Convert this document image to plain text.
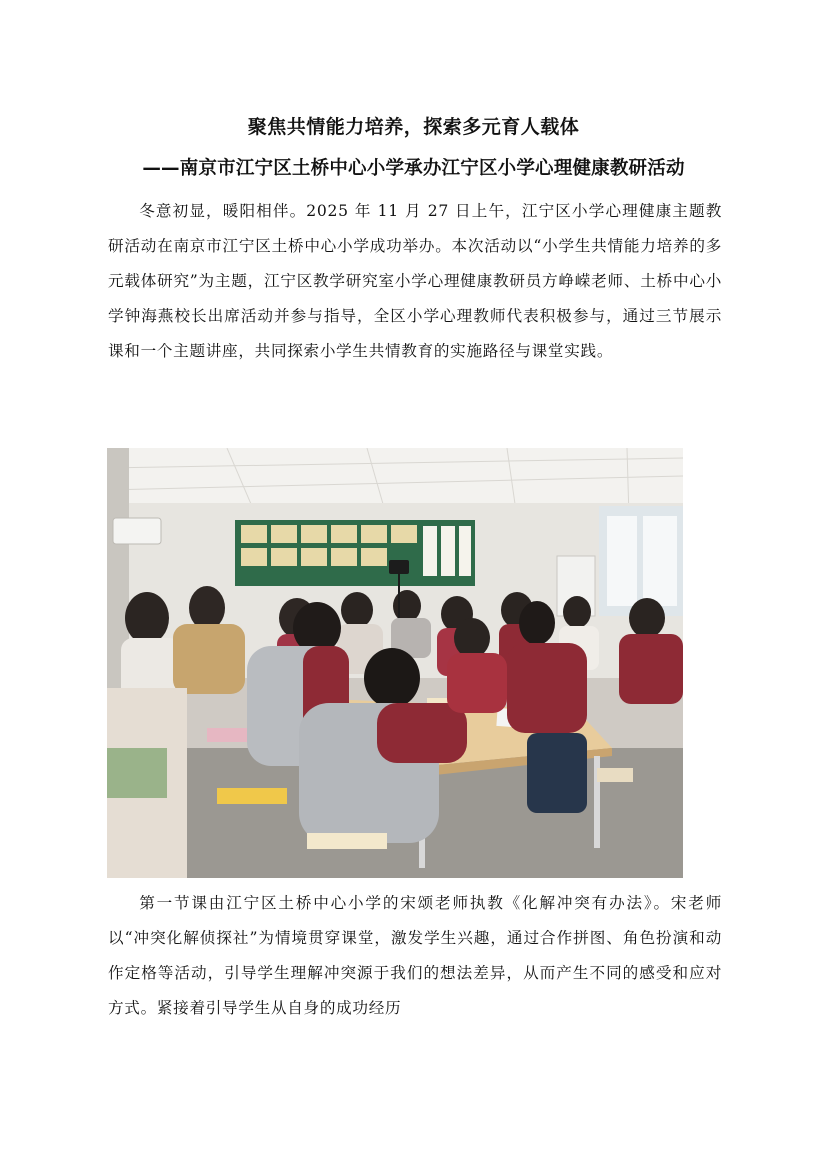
聚焦共情能力培养，探索多元育人载体
——南京市江宁区土桥中心小学承办江宁区小学心理健康教研活动
冬意初显，暖阳相伴。2025 年 11 月 27 日上午，江宁区小学心理健康主题教研活动在南京市江宁区土桥中心小学成功举办。本次活动以“小学生共情能力培养的多元载体研究”为主题，江宁区教学研究室小学心理健康教研员方峥嵘老师、土桥中心小学钟海燕校长出席活动并参与指导，全区小学心理教师代表积极参与，通过三节展示课和一个主题讲座，共同探索小学生共情教育的实施路径与课堂实践。
第一节课由江宁区土桥中心小学的宋颂老师执教《化解冲突有办法》。宋老师以“冲突化解侦探社”为情境贯穿课堂，激发学生兴趣，通过合作拼图、角色扮演和动作定格等活动，引导学生理解冲突源于我们的想法差异，从而产生不同的感受和应对方式。紧接着引导学生从自身的成功经历
